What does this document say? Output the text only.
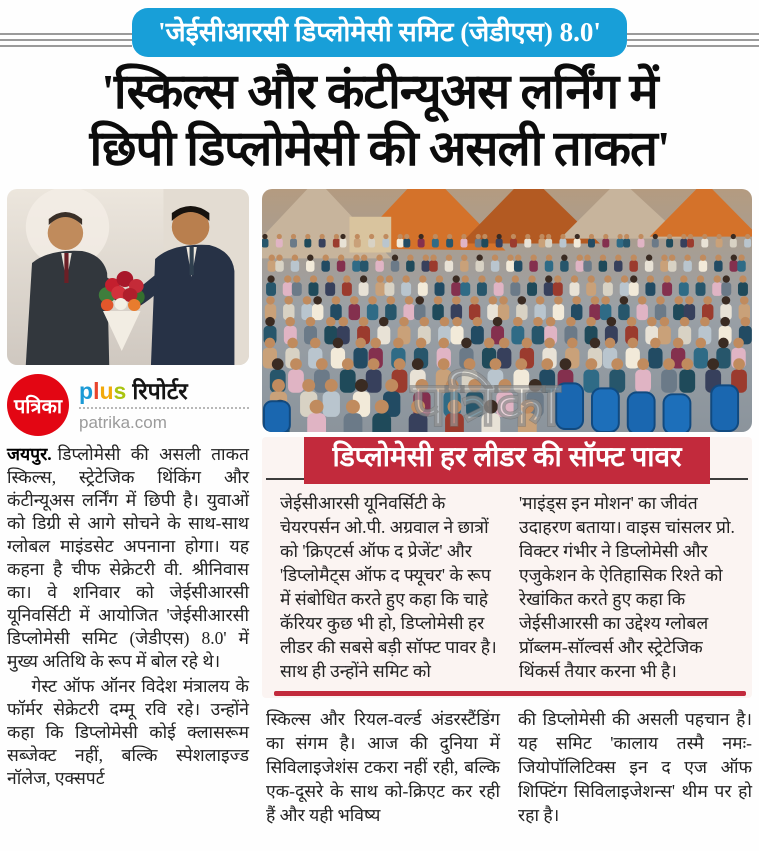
'जेईसीआरसी डिप्लोमेसी समिट (जेडीएस) 8.0'
'स्किल्स और कंटीन्यूअस लर्निंग में
छिपी डिप्लोमेसी की असली ताकत'
पत्रिका
plus रिपोर्टर
patrika.com

जयपुर. डिप्लोमेसी की असली ताकत स्किल्स, स्ट्रेटेजिक थिंकिंग और कंटीन्यूअस लर्निंग में छिपी है। युवाओं को डिग्री से आगे सोचने के साथ-साथ ग्लोबल माइंडसेट अपनाना होगा। यह कहना है चीफ सेक्रेटरी वी. श्रीनिवास का। वे शनिवार को जेईसीआरसी यूनिवर्सिटी में आयोजित 'जेईसीआरसी डिप्लोमेसी समिट (जेडीएस) 8.0' में मुख्य अतिथि के रूप में बोल रहे थे।

गेस्ट ऑफ ऑनर विदेश मंत्रालय के फॉर्मर सेक्रेटरी दम्मू रवि रहे। उन्होंने कहा कि डिप्लोमेसी कोई क्लासरूम सब्जेक्ट नहीं, बल्कि स्पेशलाइज्ड नॉलेज, एक्सपर्ट

पत्रिका
डिप्लोमेसी हर लीडर की सॉफ्ट पावर
जेईसीआरसी यूनिवर्सिटी के चेयरपर्सन ओ.पी. अग्रवाल ने छात्रों को 'क्रिएटर्स ऑफ द प्रेजेंट' और 'डिप्लोमैट्स ऑफ द फ्यूचर' के रूप में संबोधित करते हुए कहा कि चाहे कॅरियर कुछ भी हो, डिप्लोमेसी हर लीडर की सबसे बड़ी सॉफ्ट पावर है। साथ ही उन्होंने समिट को
'माइंड्स इन मोशन' का जीवंत उदाहरण बताया। वाइस चांसलर प्रो. विक्टर गंभीर ने डिप्लोमेसी और एजुकेशन के ऐतिहासिक रिश्ते को रेखांकित करते हुए कहा कि जेईसीआरसी का उद्देश्य ग्लोबल प्रॉब्लम-सॉल्वर्स और स्ट्रेटेजिक थिंकर्स तैयार करना भी है।
स्किल्स और रियल-वर्ल्ड अंडरस्टैंडिंग का संगम है। आज की दुनिया में सिविलाइजेशंस टकरा नहीं रही, बल्कि एक-दूसरे के साथ को-क्रिएट कर रही हैं और यही भविष्य
की डिप्लोमेसी की असली पहचान है। यह समिट 'कालाय तस्मै नमः- जियोपॉलिटिक्स इन द एज ऑफ शिफ्टिंग सिविलाइजेशन्स' थीम पर हो रहा है।
